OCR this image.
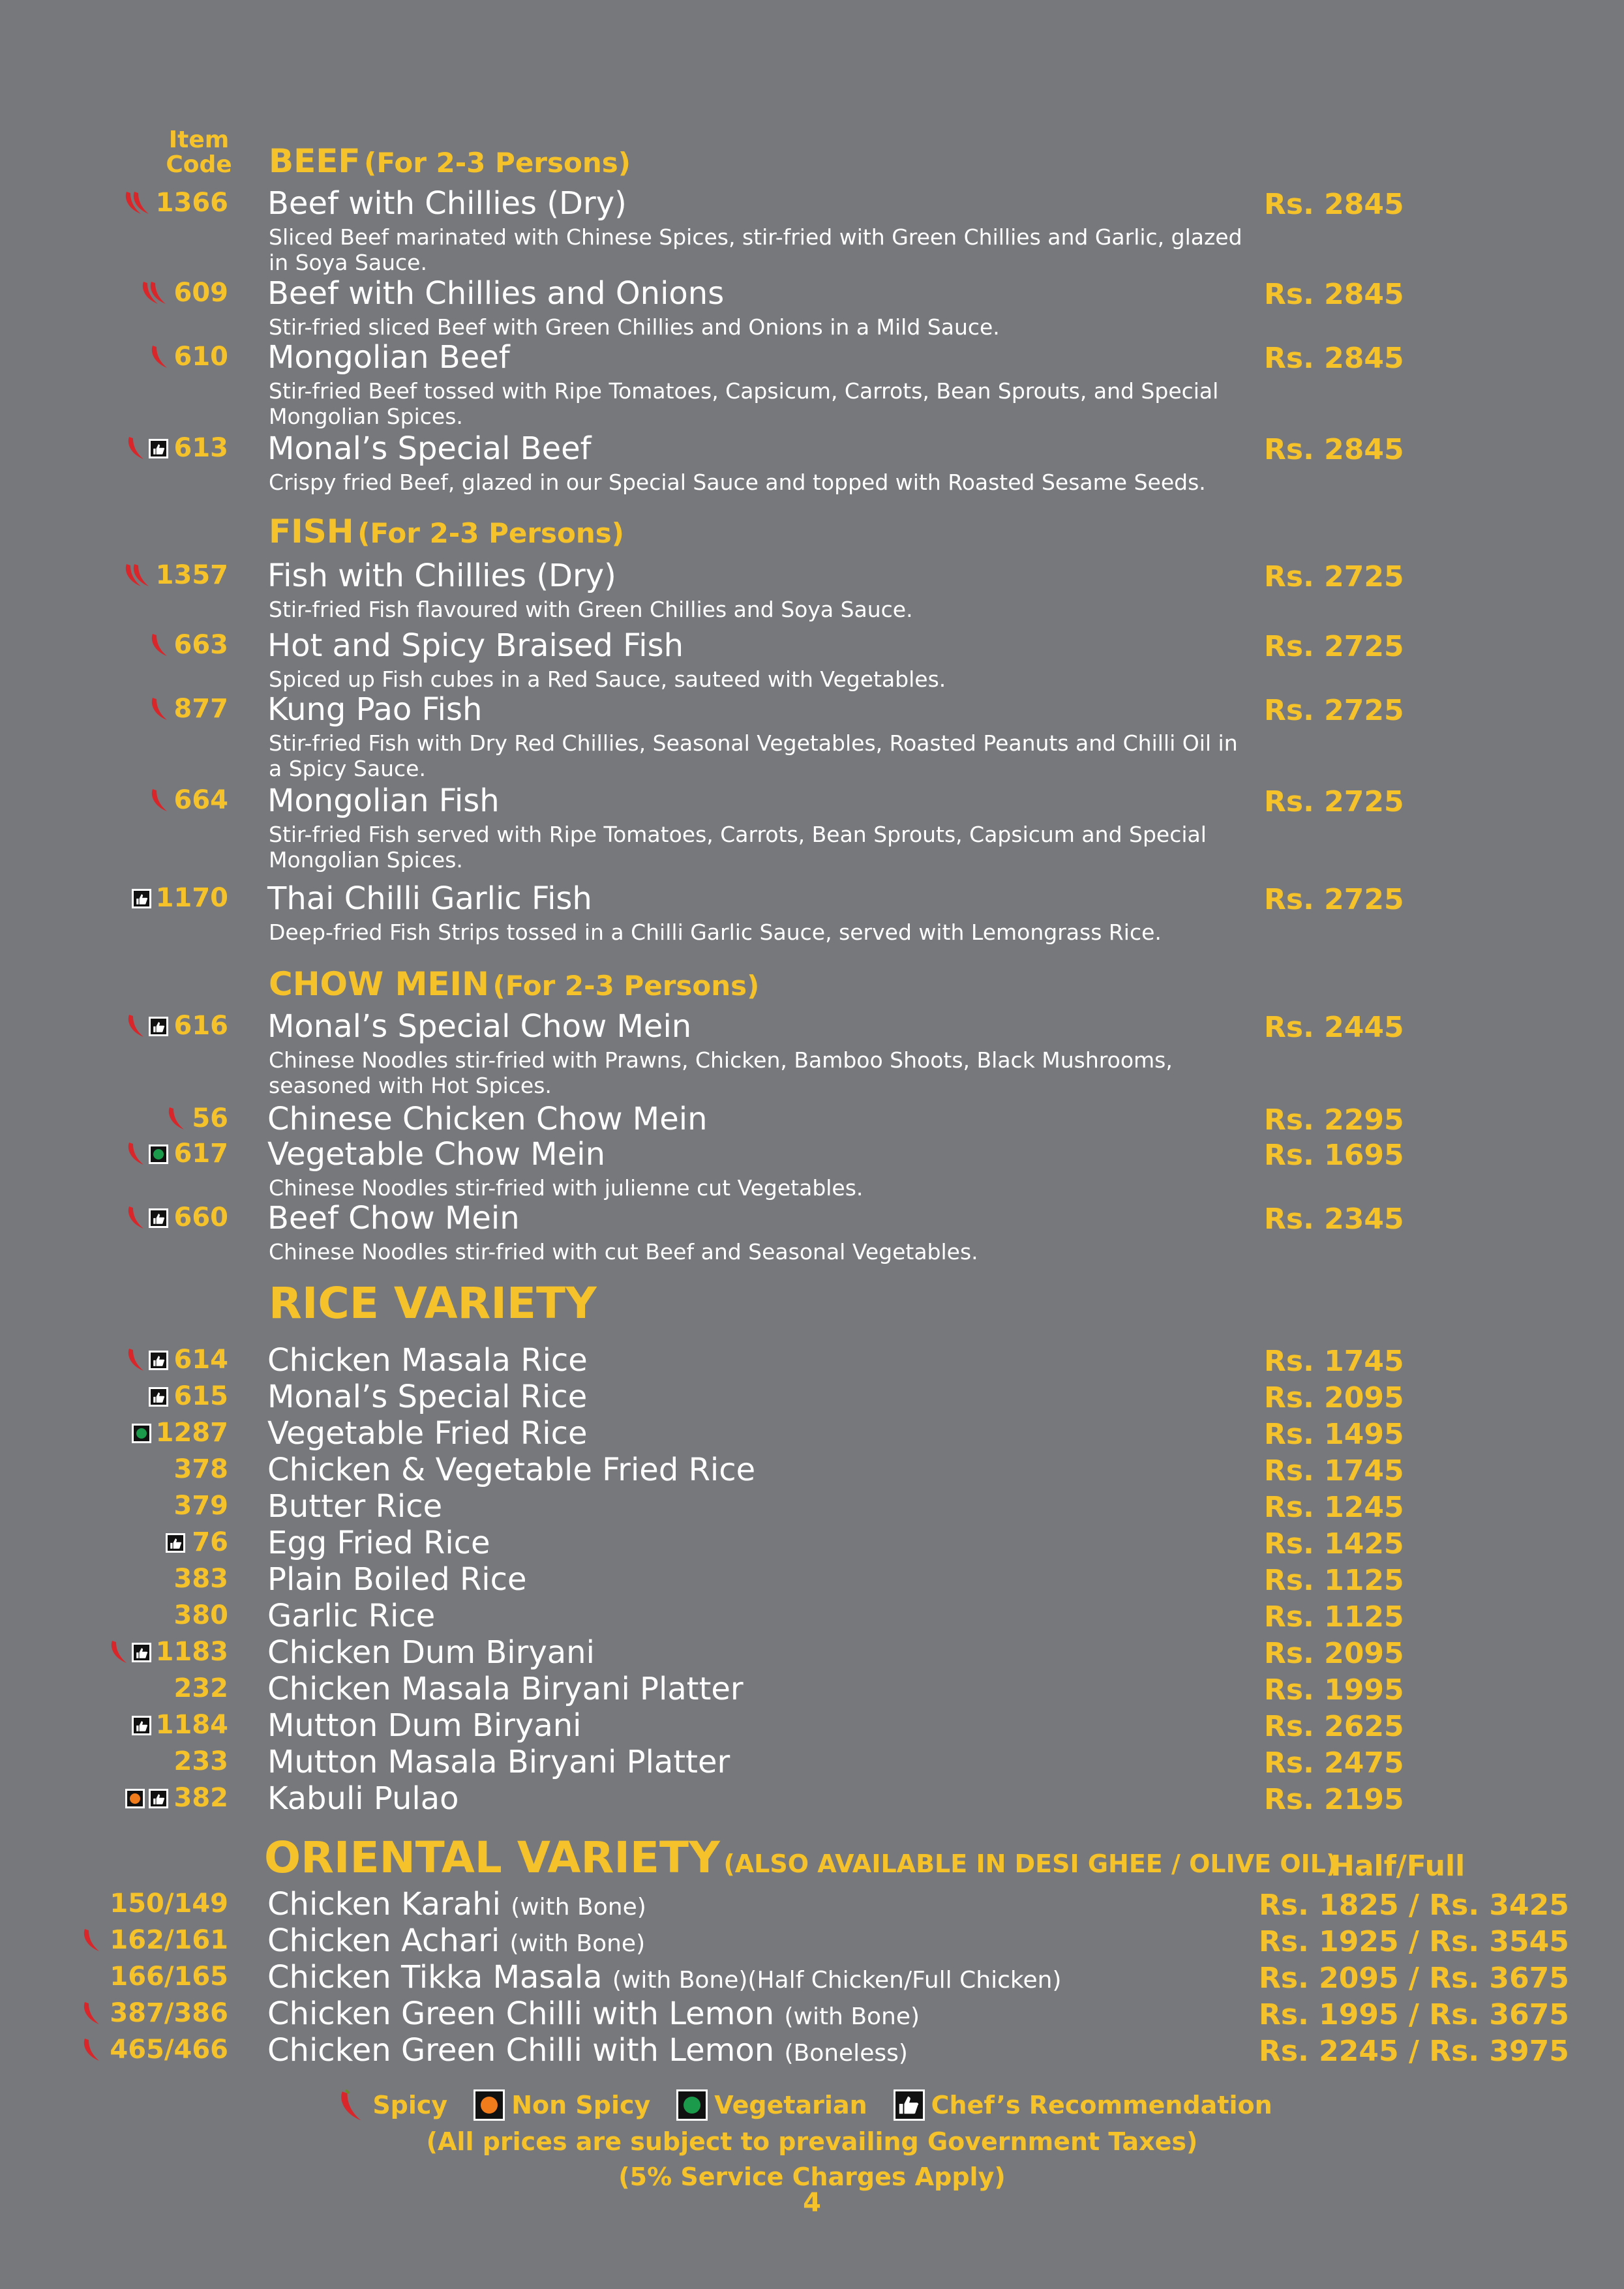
Item Code BEEF (For 2-3 Persons)
1366 Beef with Chillies (Dry)	Rs. 2845
Sliced Beef marinated with Chinese Spices, stir-fried with Green Chillies and Garlic, glazed in Soya Sauce.
609 Beef with Chillies and Onions	Rs. 2845
Stir-fried sliced Beef with Green Chillies and Onions in a Mild Sauce.
610 Mongolian Beef	Rs. 2845
Stir-fried Beef tossed with Ripe Tomatoes, Capsicum, Carrots, Bean Sprouts, and Special Mongolian Spices.
613 Monal’s Special Beef	Rs. 2845
Crispy fried Beef, glazed in our Special Sauce and topped with Roasted Sesame Seeds.
FISH (For 2-3 Persons)
1357 Fish with Chillies (Dry)	Rs. 2725
Stir-fried Fish flavoured with Green Chillies and Soya Sauce.
663 Hot and Spicy Braised Fish	Rs. 2725
Spiced up Fish cubes in a Red Sauce, sauteed with Vegetables.
877 Kung Pao Fish	Rs. 2725
Stir-fried Fish with Dry Red Chillies, Seasonal Vegetables, Roasted Peanuts and Chilli Oil in a Spicy Sauce.
664 Mongolian Fish	Rs. 2725
Stir-fried Fish served with Ripe Tomatoes, Carrots, Bean Sprouts, Capsicum and Special Mongolian Spices.
1170 Thai Chilli Garlic Fish	Rs. 2725
Deep-fried Fish Strips tossed in a Chilli Garlic Sauce, served with Lemongrass Rice.
CHOW MEIN (For 2-3 Persons)
616 Monal’s Special Chow Mein	Rs. 2445
Chinese Noodles stir-fried with Prawns, Chicken, Bamboo Shoots, Black Mushrooms, seasoned with Hot Spices.
56 Chinese Chicken Chow Mein	Rs. 2295
617 Vegetable Chow Mein	Rs. 1695
Chinese Noodles stir-fried with julienne cut Vegetables.
660 Beef Chow Mein	Rs. 2345
Chinese Noodles stir-fried with cut Beef and Seasonal Vegetables.
RICE VARIETY
614 Chicken Masala Rice	Rs. 1745
615 Monal’s Special Rice	Rs. 2095
1287 Vegetable Fried Rice	Rs. 1495
378 Chicken & Vegetable Fried Rice	Rs. 1745
379 Butter Rice	Rs. 1245
76 Egg Fried Rice	Rs. 1425
383 Plain Boiled Rice	Rs. 1125
380 Garlic Rice	Rs. 1125
1183 Chicken Dum Biryani	Rs. 2095
232 Chicken Masala Biryani Platter	Rs. 1995
1184 Mutton Dum Biryani	Rs. 2625
233 Mutton Masala Biryani Platter	Rs. 2475
382 Kabuli Pulao	Rs. 2195
ORIENTAL VARIETY (ALSO AVAILABLE IN DESI GHEE / OLIVE OIL)
Half/Full
150/149 Chicken Karahi (with Bone)	Rs. 1825 / Rs. 3425
162/161 Chicken Achari (with Bone)	Rs. 1925 / Rs. 3545
166/165 Chicken Tikka Masala (with Bone)(Half Chicken/Full Chicken)	Rs. 2095 / Rs. 3675
387/386 Chicken Green Chilli with Lemon (with Bone)	Rs. 1995 / Rs. 3675
465/466 Chicken Green Chilli with Lemon (Boneless)	Rs. 2245 / Rs. 3975
Spicy	Non Spicy	Vegetarian	Chef’s Recommendation
(All prices are subject to prevailing Government Taxes)
(5% Service Charges Apply)
4
